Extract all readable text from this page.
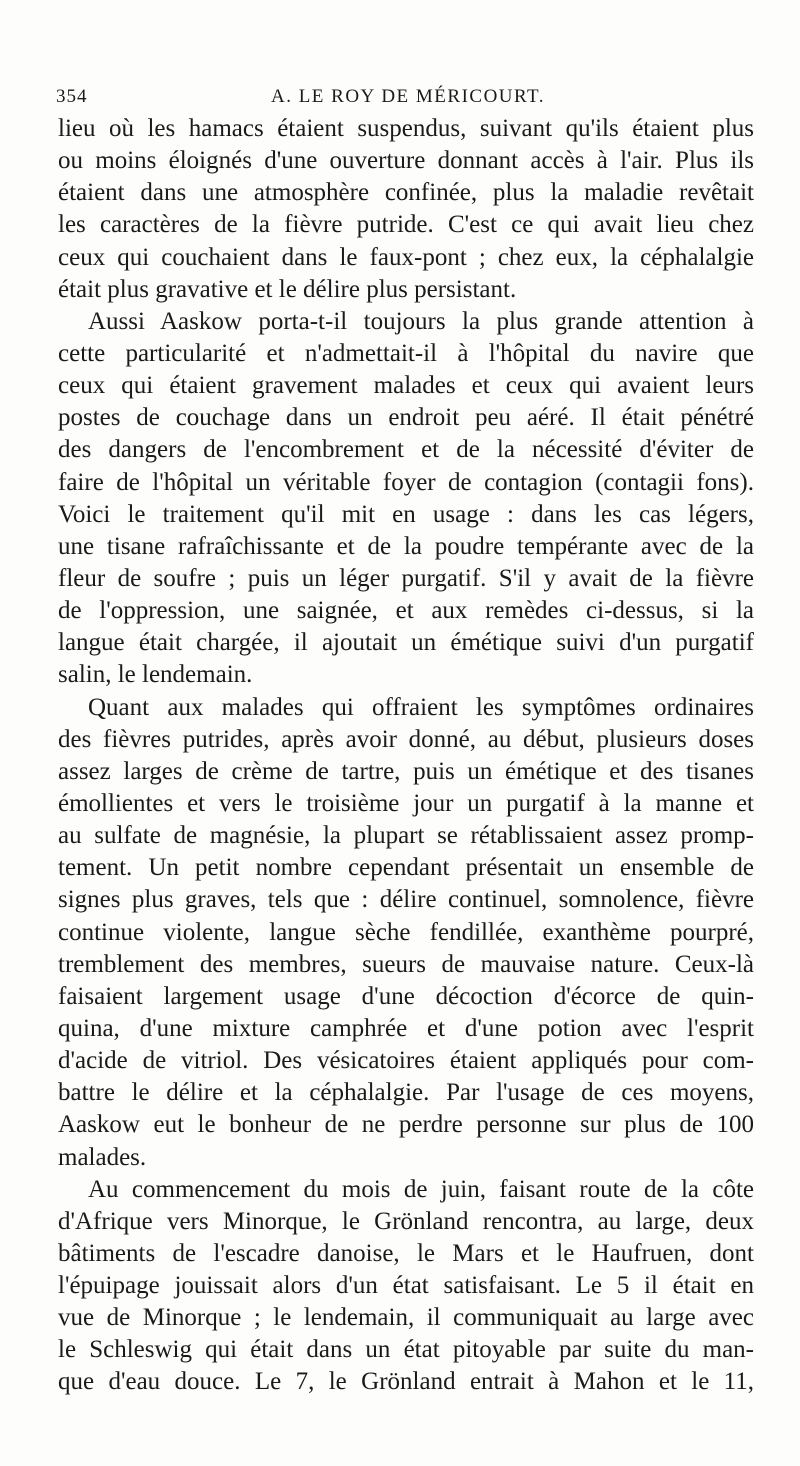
354	A. LE ROY DE MÉRICOURT.
lieu où les hamacs étaient suspendus, suivant qu'ils étaient plus
ou moins éloignés d'une ouverture donnant accès à l'air. Plus ils
étaient dans une atmosphère confinée, plus la maladie revêtait
les caractères de la fièvre putride. C'est ce qui avait lieu chez
ceux qui couchaient dans le faux-pont ; chez eux, la céphalalgie
était plus gravative et le délire plus persistant.
Aussi Aaskow porta-t-il toujours la plus grande attention à
cette particularité et n'admettait-il à l'hôpital du navire que
ceux qui étaient gravement malades et ceux qui avaient leurs
postes de couchage dans un endroit peu aéré. Il était pénétré
des dangers de l'encombrement et de la nécessité d'éviter de
faire de l'hôpital un véritable foyer de contagion (contagii fons).
Voici le traitement qu'il mit en usage : dans les cas légers,
une tisane rafraîchissante et de la poudre tempérante avec de la
fleur de soufre ; puis un léger purgatif. S'il y avait de la fièvre
de l'oppression, une saignée, et aux remèdes ci-dessus, si la
langue était chargée, il ajoutait un émétique suivi d'un purgatif
salin, le lendemain.
Quant aux malades qui offraient les symptômes ordinaires
des fièvres putrides, après avoir donné, au début, plusieurs doses
assez larges de crème de tartre, puis un émétique et des tisanes
émollientes et vers le troisième jour un purgatif à la manne et
au sulfate de magnésie, la plupart se rétablissaient assez promp-
tement. Un petit nombre cependant présentait un ensemble de
signes plus graves, tels que : délire continuel, somnolence, fièvre
continue violente, langue sèche fendillée, exanthème pourpré,
tremblement des membres, sueurs de mauvaise nature. Ceux-là
faisaient largement usage d'une décoction d'écorce de quin-
quina, d'une mixture camphrée et d'une potion avec l'esprit
d'acide de vitriol. Des vésicatoires étaient appliqués pour com-
battre le délire et la céphalalgie. Par l'usage de ces moyens,
Aaskow eut le bonheur de ne perdre personne sur plus de 100
malades.
Au commencement du mois de juin, faisant route de la côte
d'Afrique vers Minorque, le Grönland rencontra, au large, deux
bâtiments de l'escadre danoise, le Mars et le Haufruen, dont
l'épuipage jouissait alors d'un état satisfaisant. Le 5 il était en
vue de Minorque ; le lendemain, il communiquait au large avec
le Schleswig qui était dans un état pitoyable par suite du man-
que d'eau douce. Le 7, le Grönland entrait à Mahon et le 11,
